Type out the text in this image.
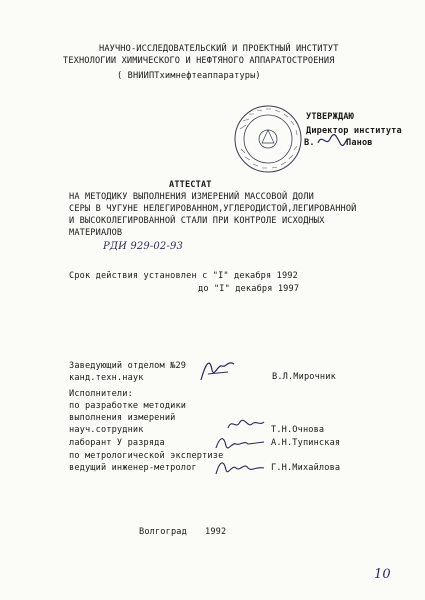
НАУЧНО-ИССЛЕДОВАТЕЛЬСКИЙ И ПРОЕКТНЫЙ ИНСТИТУТ
ТЕХНОЛОГИИ ХИМИЧЕСКОГО И НЕФТЯНОГО АППАРАТОСТРОЕНИЯ
( ВНИИПТхимнефтеаппаратуры)
УТВЕРЖДАЮ
Директор института
В.	Панов
АТТЕСТАТ
НА МЕТОДИКУ ВЫПОЛНЕНИЯ ИЗМЕРЕНИЙ МАССОВОЙ ДОЛИ
СЕРЫ В ЧУГУНЕ НЕЛЕГИРОВАННОМ,УГЛЕРОДИСТОЙ,ЛЕГИРОВАННОЙ
И ВЫСОКОЛЕГИРОВАННОЙ СТАЛИ ПРИ КОНТРОЛЕ ИСХОДНЫХ
МАТЕРИАЛОВ
РДИ 929-02-93
Срок действия установлен с "I" декабря 1992
до "I" декабря 1997
Заведующий отделом №29
канд.техн.наук	В.Л.Мирочник
Исполнители:
по разработке методики
выполнения измерений
науч.сотрудник	Т.Н.Очнова
лаборант У разряда	А.Н.Тупинская
по метрологической экспертизе
ведущий инженер-метролог	Г.Н.Михайлова
Волгоград 1992
10
